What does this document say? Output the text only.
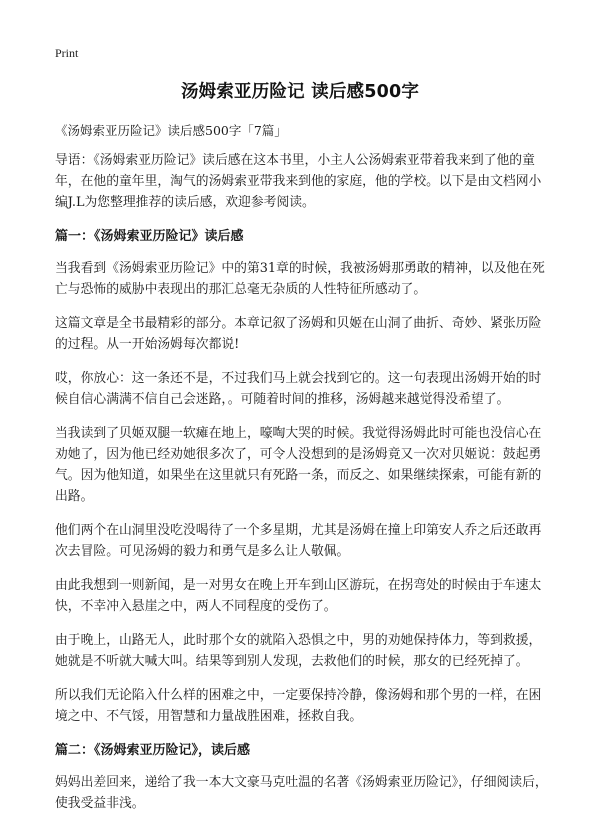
Print
汤姆索亚历险记 读后感500字

《汤姆索亚历险记》读后感500字「7篇」

导语：《汤姆索亚历险记》读后感在这本书里，小主人公汤姆索亚带着我来到了他的童年，在他的童年里，淘气的汤姆索亚带我来到他的家庭，他的学校。以下是由文档网小编J.L为您整理推荐的读后感，欢迎参考阅读。

篇一：《汤姆索亚历险记》读后感

当我看到《汤姆索亚历险记》中的第31章的时候，我被汤姆那勇敢的精神，以及他在死亡与恐怖的威胁中表现出的那汇总毫无杂质的人性特征所感动了。

这篇文章是全书最精彩的部分。本章记叙了汤姆和贝姬在山洞了曲折、奇妙、紧张历险的过程。从一开始汤姆每次都说!

哎，你放心：这一条还不是，不过我们马上就会找到它的。这一句表现出汤姆开始的时候自信心满满不信自己会迷路，。可随着时间的推移，汤姆越来越觉得没希望了。

当我读到了贝姬双腿一软瘫在地上，嚎啕大哭的时候。我觉得汤姆此时可能也没信心在劝她了，因为他已经劝她很多次了，可令人没想到的是汤姆竟又一次对贝姬说：鼓起勇气。因为他知道，如果坐在这里就只有死路一条，而反之、如果继续探索，可能有新的出路。

他们两个在山洞里没吃没喝待了一个多星期，尤其是汤姆在撞上印第安人乔之后还敢再次去冒险。可见汤姆的毅力和勇气是多么让人敬佩。

由此我想到一则新闻，是一对男女在晚上开车到山区游玩，在拐弯处的时候由于车速太快，不幸冲入悬崖之中，两人不同程度的受伤了。

由于晚上，山路无人，此时那个女的就陷入恐惧之中，男的劝她保持体力，等到救援，她就是不听就大喊大叫。结果等到别人发现，去救他们的时候，那女的已经死掉了。

所以我们无论陷入什么样的困难之中，一定要保持冷静，像汤姆和那个男的一样，在困境之中、不气馁，用智慧和力量战胜困难，拯救自我。

篇二：《汤姆索亚历险记》，读后感

妈妈出差回来，递给了我一本大文豪马克吐温的名著《汤姆索亚历险记》，仔细阅读后，使我受益非浅。
